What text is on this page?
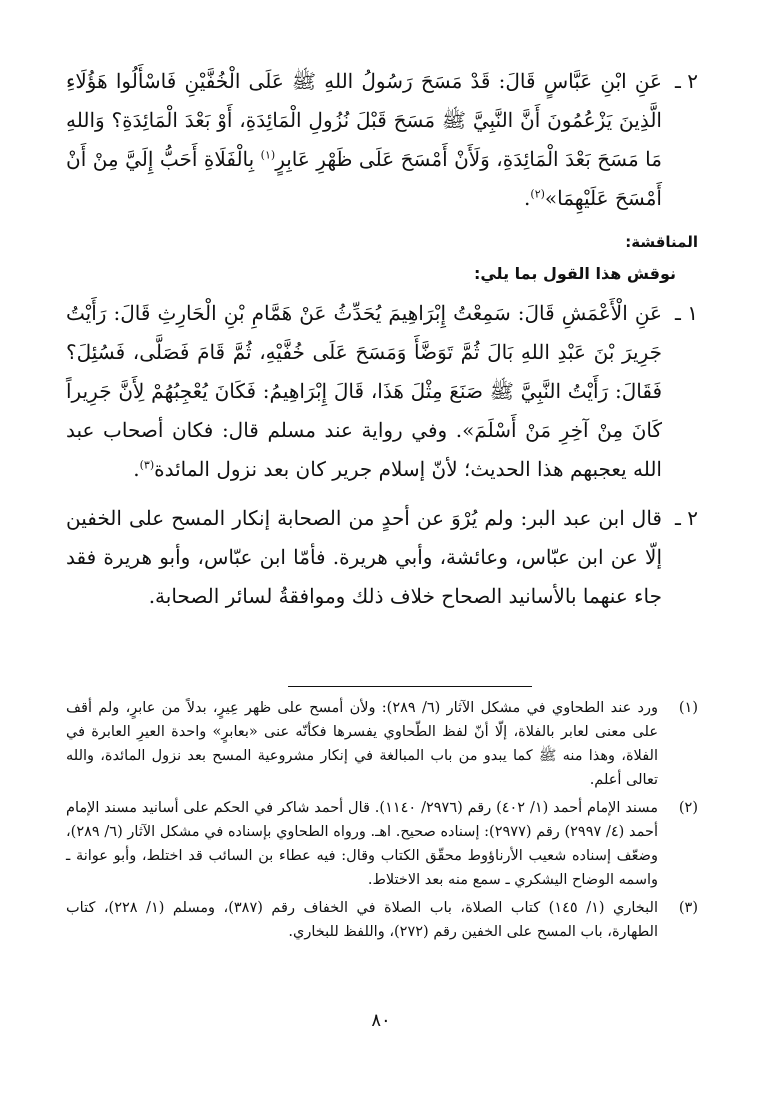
٢ ـ
عَنِ ابْنِ عَبَّاسٍ قَالَ: قَدْ مَسَحَ رَسُولُ اللهِ ﷺ عَلَى الْخُفَّيْنِ فَاسْأَلُوا هَؤُلَاءِ الَّذِينَ يَزْعُمُونَ أَنَّ النَّبِيَّ ﷺ مَسَحَ قَبْلَ نُزُولِ الْمَائِدَةِ، أَوْ بَعْدَ الْمَائِدَةِ؟ وَاللهِ مَا مَسَحَ بَعْدَ الْمَائِدَةِ، وَلَأَنْ أَمْسَحَ عَلَى ظَهْرِ عَابِرٍ$^{(١)}$ بِالْفَلَاةِ أَحَبُّ إِلَيَّ مِنْ أَنْ أَمْسَحَ عَلَيْهِمَا»$^{(٢)}$.
المناقشة:
نوقش هذا القول بما يلي:
١ ـ
عَنِ الْأَعْمَشِ قَالَ: سَمِعْتُ إِبْرَاهِيمَ يُحَدِّثُ عَنْ هَمَّامِ بْنِ الْحَارِثِ قَالَ: رَأَيْتُ جَرِيرَ بْنَ عَبْدِ اللهِ بَالَ ثُمَّ تَوَضَّأَ وَمَسَحَ عَلَى خُفَّيْهِ، ثُمَّ قَامَ فَصَلَّى، فَسُئِلَ؟ فَقَالَ: رَأَيْتُ النَّبِيَّ ﷺ صَنَعَ مِثْلَ هَذَا، قَالَ إِبْرَاهِيمُ: فَكَانَ يُعْجِبُهُمْ لِأَنَّ جَرِيراً كَانَ مِنْ آخِرِ مَنْ أَسْلَمَ». وفي رواية عند مسلم قال: فكان أصحاب عبد الله يعجبهم هذا الحديث؛ لأنّ إسلام جرير كان بعد نزول المائدة$^{(٣)}$.
٢ ـ
قال ابن عبد البر: ولم يُرْوَ عن أحدٍ من الصحابة إنكار المسح على الخفين إلّا عن ابن عبّاس، وعائشة، وأبي هريرة. فأمّا ابن عبّاس، وأبو هريرة فقد جاء عنهما بالأسانيد الصحاح خلاف ذلك وموافقةُ لسائر الصحابة.
(١)
ورد عند الطحاوي في مشكل الآثار (٦/ ٢٨٩): ولأن أمسح على ظهر عِيرٍ، بدلاً من عابرٍ، ولم أقف على معنى لعابر بالفلاة، إلّا أنّ لفظ الطّحاوي يفسرها فكأنّه عنى «بعابرٍ» واحدة العيرِ العابرة في الفلاة، وهذا منه ﷺ كما يبدو من باب المبالغة في إنكار مشروعية المسح بعد نزول المائدة، والله تعالى أعلم.
(٢)
مسند الإمام أحمد (١/ ٤٠٢) رقم (٢٩٧٦/ ١١٤٠). قال أحمد شاكر في الحكم على أسانيد مسند الإمام أحمد (٤/ ٢٩٩٧) رقم (٢٩٧٧): إسناده صحيح. اهـ. ورواه الطحاوي بإسناده في مشكل الآثار (٦/ ٢٨٩)، وضعّف إسناده شعيب الأرناؤوط محقّق الكتاب وقال: فيه عطاء بن السائب قد اختلط، وأبو عوانة ـ واسمه الوضاح اليشكري ـ سمع منه بعد الاختلاط.
(٣)
البخاري (١/ ١٤٥) كتاب الصلاة، باب الصلاة في الخفاف رقم (٣٨٧)، ومسلم (١/ ٢٢٨)، كتاب الطهارة، باب المسح على الخفين رقم (٢٧٢)، واللفظ للبخاري.
٨٠
